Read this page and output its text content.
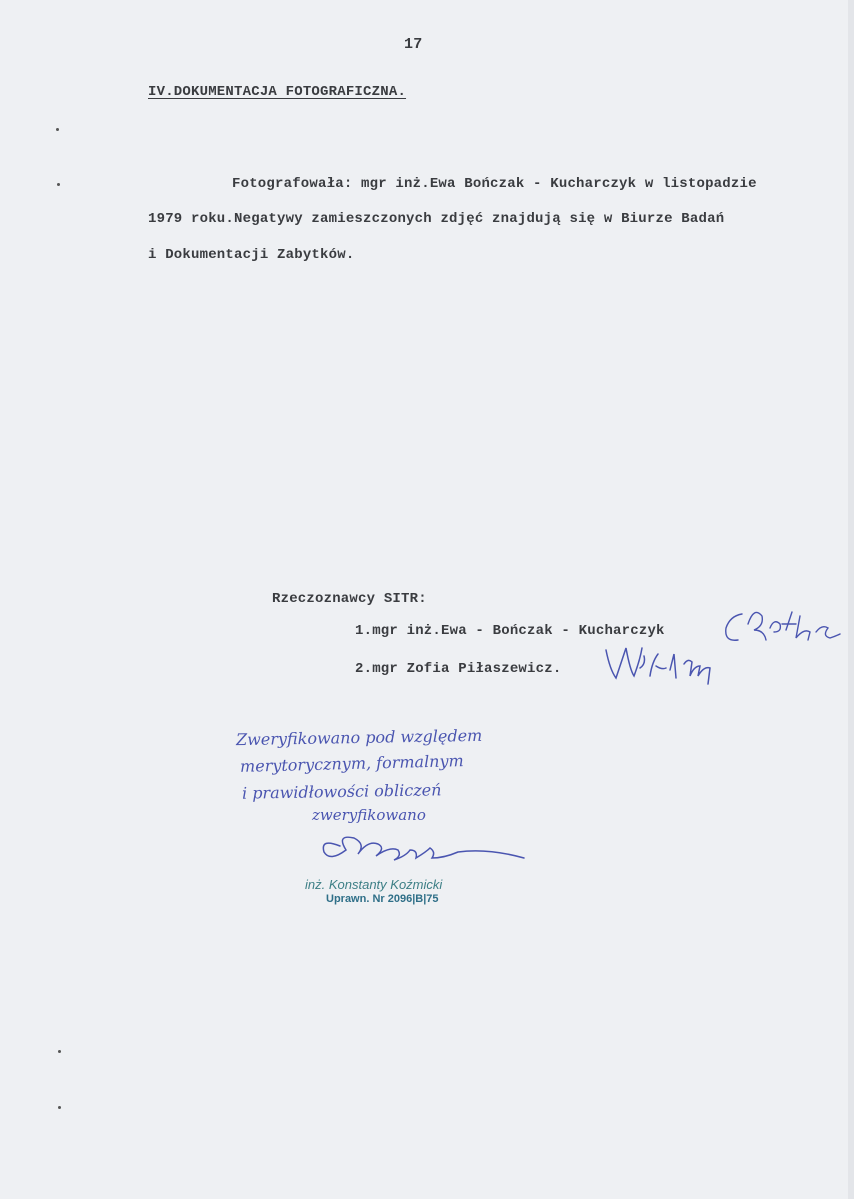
17
IV.DOKUMENTACJA FOTOGRAFICZNA.
Fotografowała: mgr inż.Ewa Bończak - Kucharczyk w listopadzie
1979 roku.Negatywy zamieszczonych zdjęć znajdują się w Biurze Badań
i Dokumentacji Zabytków.
Rzeczoznawcy SITR:
1.mgr inż.Ewa - Bończak - Kucharczyk
2.mgr Zofia Piłaszewicz.
Zweryfikowano pod względem
merytorycznym, formalnym
i prawidłowości obliczeń
zweryfikowano
inż. Konstanty Koźmicki
Uprawn. Nr 2096|B|75
